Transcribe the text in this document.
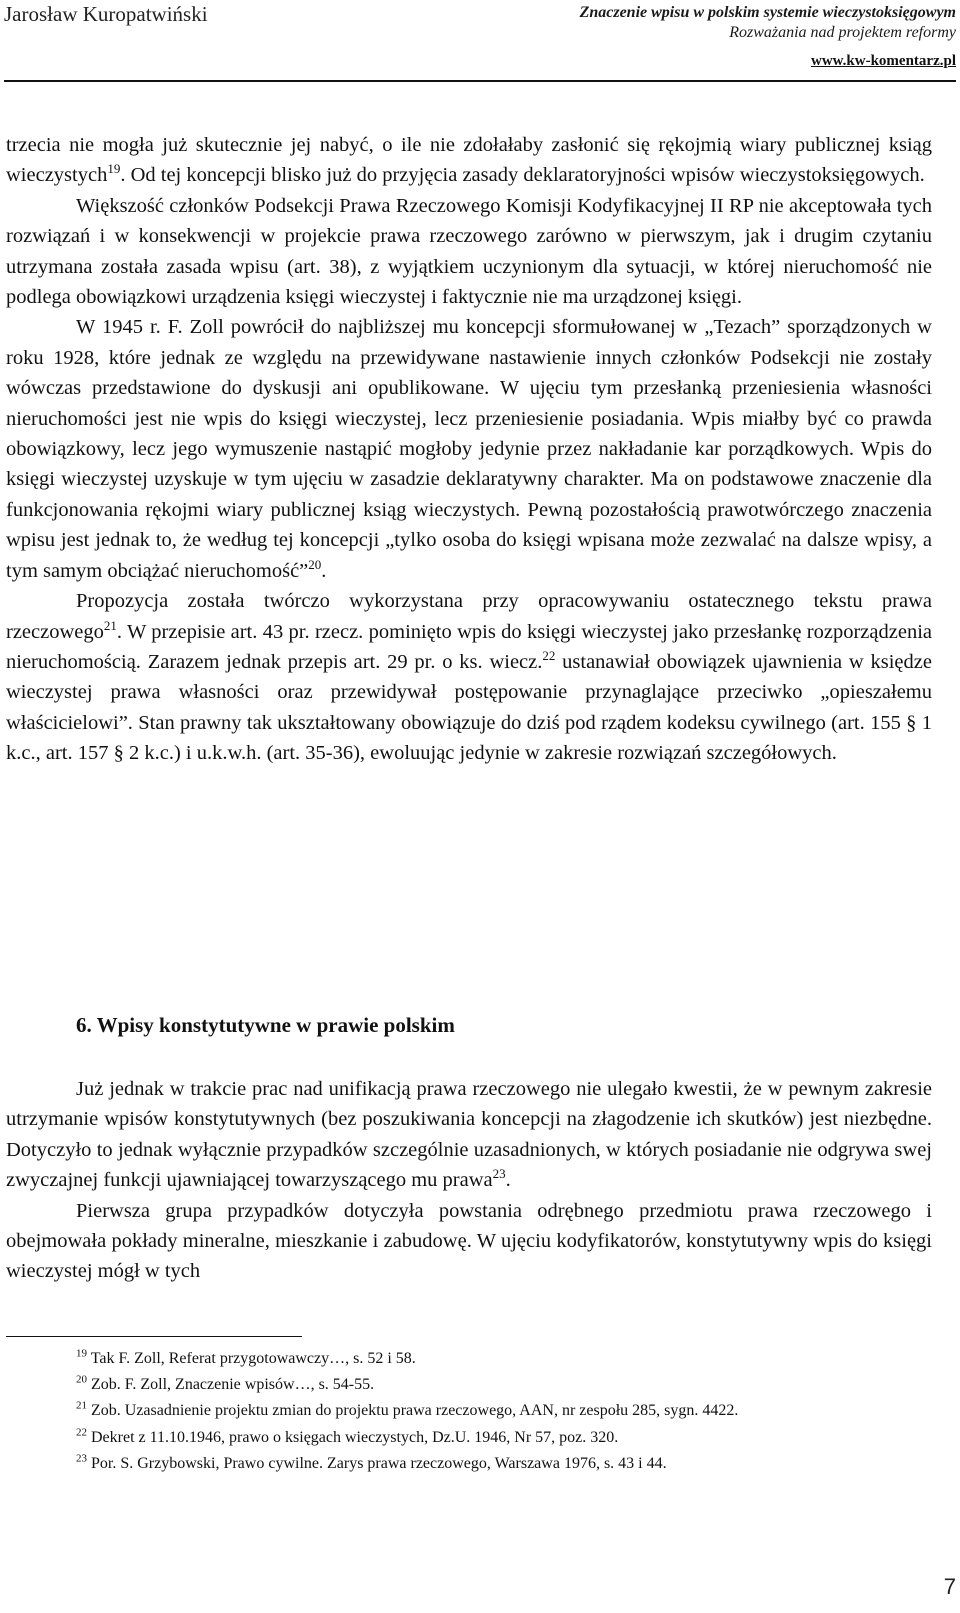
Jarosław Kuropatwiński	Znaczenie wpisu w polskim systemie wieczystoksięgowym
Rozważania nad projektem reformy
www.kw-komentarz.pl

trzecia nie mogła już skutecznie jej nabyć, o ile nie zdołałaby zasłonić się rękojmią wiary publicznej ksiąg wieczystych$^{19}$. Od tej koncepcji blisko już do przyjęcia zasady deklaratoryjności wpisów wieczystoksięgowych.

Większość członków Podsekcji Prawa Rzeczowego Komisji Kodyfikacyjnej II RP nie akceptowała tych rozwiązań i w konsekwencji w projekcie prawa rzeczowego zarówno w pierwszym, jak i drugim czytaniu utrzymana została zasada wpisu (art. 38), z wyjątkiem uczynionym dla sytuacji, w której nieruchomość nie podlega obowiązkowi urządzenia księgi wieczystej i faktycznie nie ma urządzonej księgi.

W 1945 r. F. Zoll powrócił do najbliższej mu koncepcji sformułowanej w „Tezach” sporządzonych w roku 1928, które jednak ze względu na przewidywane nastawienie innych członków Podsekcji nie zostały wówczas przedstawione do dyskusji ani opublikowane. W ujęciu tym przesłanką przeniesienia własności nieruchomości jest nie wpis do księgi wieczystej, lecz przeniesienie posiadania. Wpis miałby być co prawda obowiązkowy, lecz jego wymuszenie nastąpić mogłoby jedynie przez nakładanie kar porządkowych. Wpis do księgi wieczystej uzyskuje w tym ujęciu w zasadzie deklaratywny charakter. Ma on podstawowe znaczenie dla funkcjonowania rękojmi wiary publicznej ksiąg wieczystych. Pewną pozostałością prawotwórczego znaczenia wpisu jest jednak to, że według tej koncepcji „tylko osoba do księgi wpisana może zezwalać na dalsze wpisy, a tym samym obciążać nieruchomość”$^{20}$.

Propozycja została twórczo wykorzystana przy opracowywaniu ostatecznego tekstu prawa rzeczowego$^{21}$. W przepisie art. 43 pr. rzecz. pominięto wpis do księgi wieczystej jako przesłankę rozporządzenia nieruchomością. Zarazem jednak przepis art. 29 pr. o ks. wiecz.$^{22}$ ustanawiał obowiązek ujawnienia w księdze wieczystej prawa własności oraz przewidywał postępowanie przynaglające przeciwko „opieszałemu właścicielowi”. Stan prawny tak ukształtowany obowiązuje do dziś pod rządem kodeksu cywilnego (art. 155 § 1 k.c., art. 157 § 2 k.c.) i u.k.w.h. (art. 35-36), ewoluując jedynie w zakresie rozwiązań szczegółowych.

6. Wpisy konstytutywne w prawie polskim

Już jednak w trakcie prac nad unifikacją prawa rzeczowego nie ulegało kwestii, że w pewnym zakresie utrzymanie wpisów konstytutywnych (bez poszukiwania koncepcji na złagodzenie ich skutków) jest niezbędne. Dotyczyło to jednak wyłącznie przypadków szczególnie uzasadnionych, w których posiadanie nie odgrywa swej zwyczajnej funkcji ujawniającej towarzyszącego mu prawa$^{23}$.

Pierwsza grupa przypadków dotyczyła powstania odrębnego przedmiotu prawa rzeczowego i obejmowała pokłady mineralne, mieszkanie i zabudowę. W ujęciu kodyfikatorów, konstytutywny wpis do księgi wieczystej mógł w tych

$^{19}$ Tak F. Zoll, Referat przygotowawczy…, s. 52 i 58.
$^{20}$ Zob. F. Zoll, Znaczenie wpisów…, s. 54-55.
$^{21}$ Zob. Uzasadnienie projektu zmian do projektu prawa rzeczowego, AAN, nr zespołu 285, sygn. 4422.
$^{22}$ Dekret z 11.10.1946, prawo o księgach wieczystych, Dz.U. 1946, Nr 57, poz. 320.
$^{23}$ Por. S. Grzybowski, Prawo cywilne. Zarys prawa rzeczowego, Warszawa 1976, s. 43 i 44.
7
